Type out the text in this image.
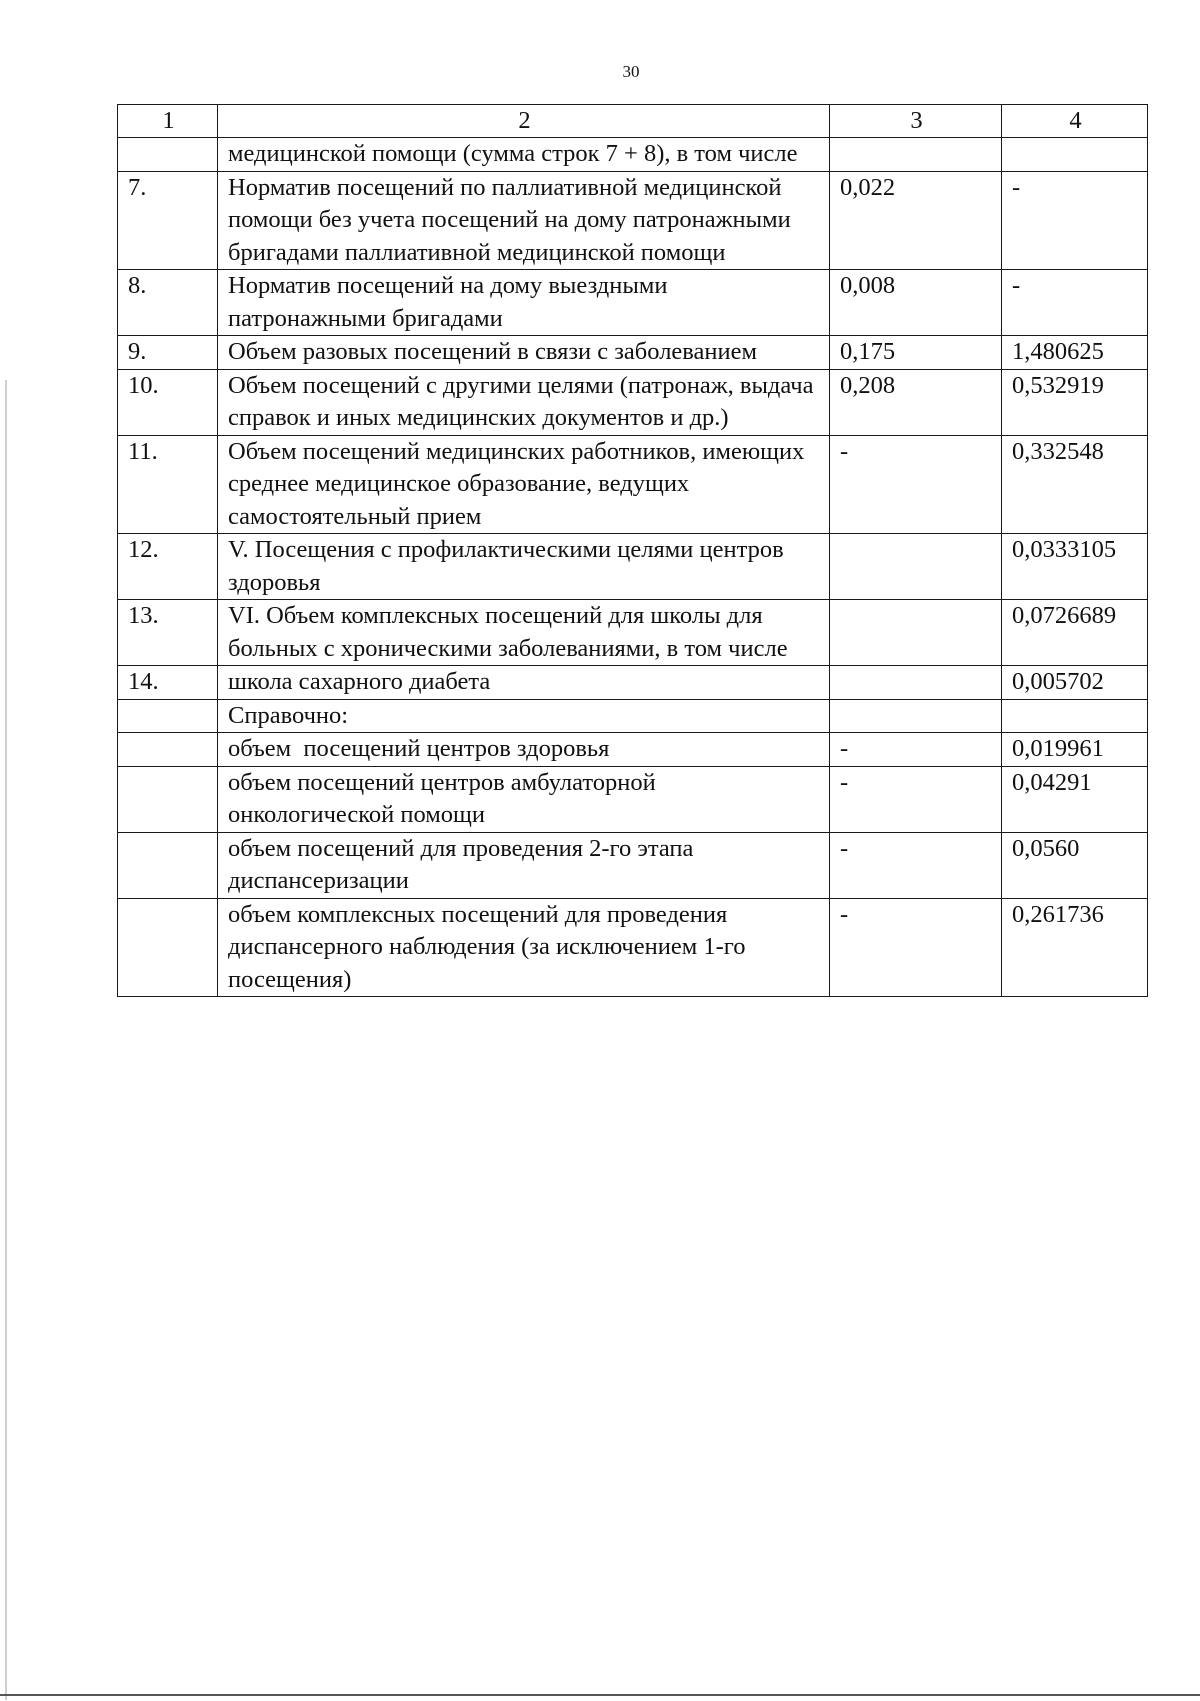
30
1	2	3	4
	медицинской помощи (сумма строк 7 + 8), в том числе		
7.	Норматив посещений по паллиативной медицинской помощи без учета посещений на дому патронажными бригадами паллиативной медицинской помощи	0,022	-
8.	Норматив посещений на дому выездными патронажными бригадами	0,008	-
9.	Объем разовых посещений в связи с заболеванием	0,175	1,480625
10.	Объем посещений с другими целями (патронаж, выдача справок и иных медицинских документов и др.)	0,208	0,532919
11.	Объем посещений медицинских работников, имеющих среднее медицинское образование, ведущих самостоятельный прием	-	0,332548
12.	V. Посещения с профилактическими целями центров здоровья		0,0333105
13.	VI. Объем комплексных посещений для школы для больных с хроническими заболеваниями, в том числе		0,0726689
14.	школа сахарного диабета		0,005702
	Справочно:		
	объем  посещений центров здоровья	-	0,019961
	объем посещений центров амбулаторной онкологической помощи	-	0,04291
	объем посещений для проведения 2-го этапа диспансеризации	-	0,0560
	объем комплексных посещений для проведения диспансерного наблюдения (за исключением 1-го посещения)	-	0,261736
